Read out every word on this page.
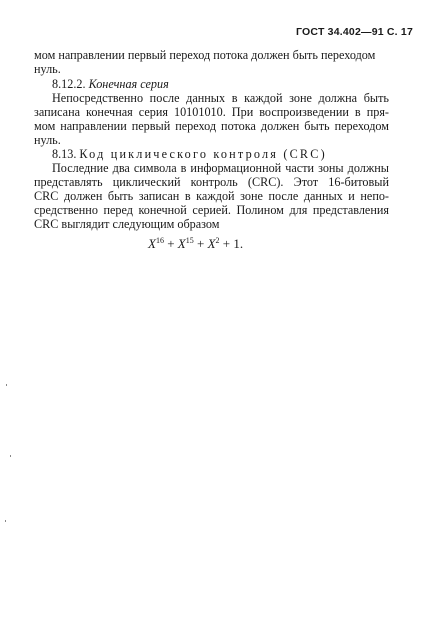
ГОСТ 34.402—91 С. 17
мом направлении первый переход потока должен быть переходом
нуль.
8.12.2. Конечная серия
Непосредственно после данных в каждой зоне должна быть
записана конечная серия 10101010. При воспроизведении в пря-
мом направлении первый переход потока должен быть переходом
нуль.
8.13. Код циклического контроля (CRC)
Последние два символа в информационной части зоны должны
представлять циклический контроль (CRC). Этот 16-битовый
CRC должен быть записан в каждой зоне после данных и непо-
средственно перед конечной серией. Полином для представления
CRC выглядит следующим образом
$X^{16} + X^{15} + X^2 + 1$.
